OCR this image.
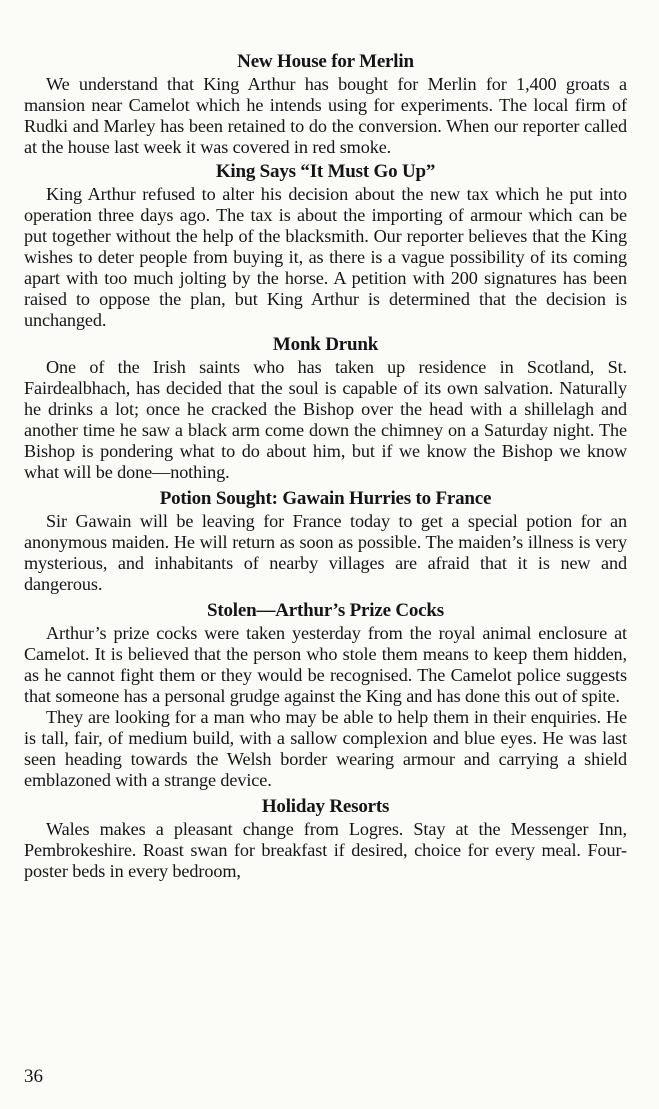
New House for Merlin

We understand that King Arthur has bought for Merlin for 1,400 groats a mansion near Camelot which he intends using for experiments. The local firm of Rudki and Marley has been retained to do the conversion. When our reporter called at the house last week it was covered in red smoke.

King Says “It Must Go Up”

King Arthur refused to alter his decision about the new tax which he put into operation three days ago. The tax is about the importing of armour which can be put together without the help of the blacksmith. Our reporter believes that the King wishes to deter people from buying it, as there is a vague possibility of its coming apart with too much jolting by the horse. A petition with 200 signatures has been raised to oppose the plan, but King Arthur is determined that the decision is unchanged.

Monk Drunk

One of the Irish saints who has taken up residence in Scotland, St. Fairdealbhach, has decided that the soul is capable of its own salvation. Naturally he drinks a lot; once he cracked the Bishop over the head with a shillelagh and another time he saw a black arm come down the chimney on a Saturday night. The Bishop is pondering what to do about him, but if we know the Bishop we know what will be done—nothing.

Potion Sought: Gawain Hurries to France

Sir Gawain will be leaving for France today to get a special potion for an anonymous maiden. He will return as soon as possible. The maiden’s illness is very mysterious, and inhabitants of nearby villages are afraid that it is new and dangerous.

Stolen—Arthur’s Prize Cocks

Arthur’s prize cocks were taken yesterday from the royal animal enclosure at Camelot. It is believed that the person who stole them means to keep them hidden, as he cannot fight them or they would be recognised. The Camelot police suggests that someone has a personal grudge against the King and has done this out of spite.

They are looking for a man who may be able to help them in their enquiries. He is tall, fair, of medium build, with a sallow complexion and blue eyes. He was last seen heading towards the Welsh border wearing armour and carrying a shield emblazoned with a strange device.

Holiday Resorts

Wales makes a pleasant change from Logres. Stay at the Messenger Inn, Pembrokeshire. Roast swan for breakfast if desired, choice for every meal. Four-poster beds in every bedroom,

36
